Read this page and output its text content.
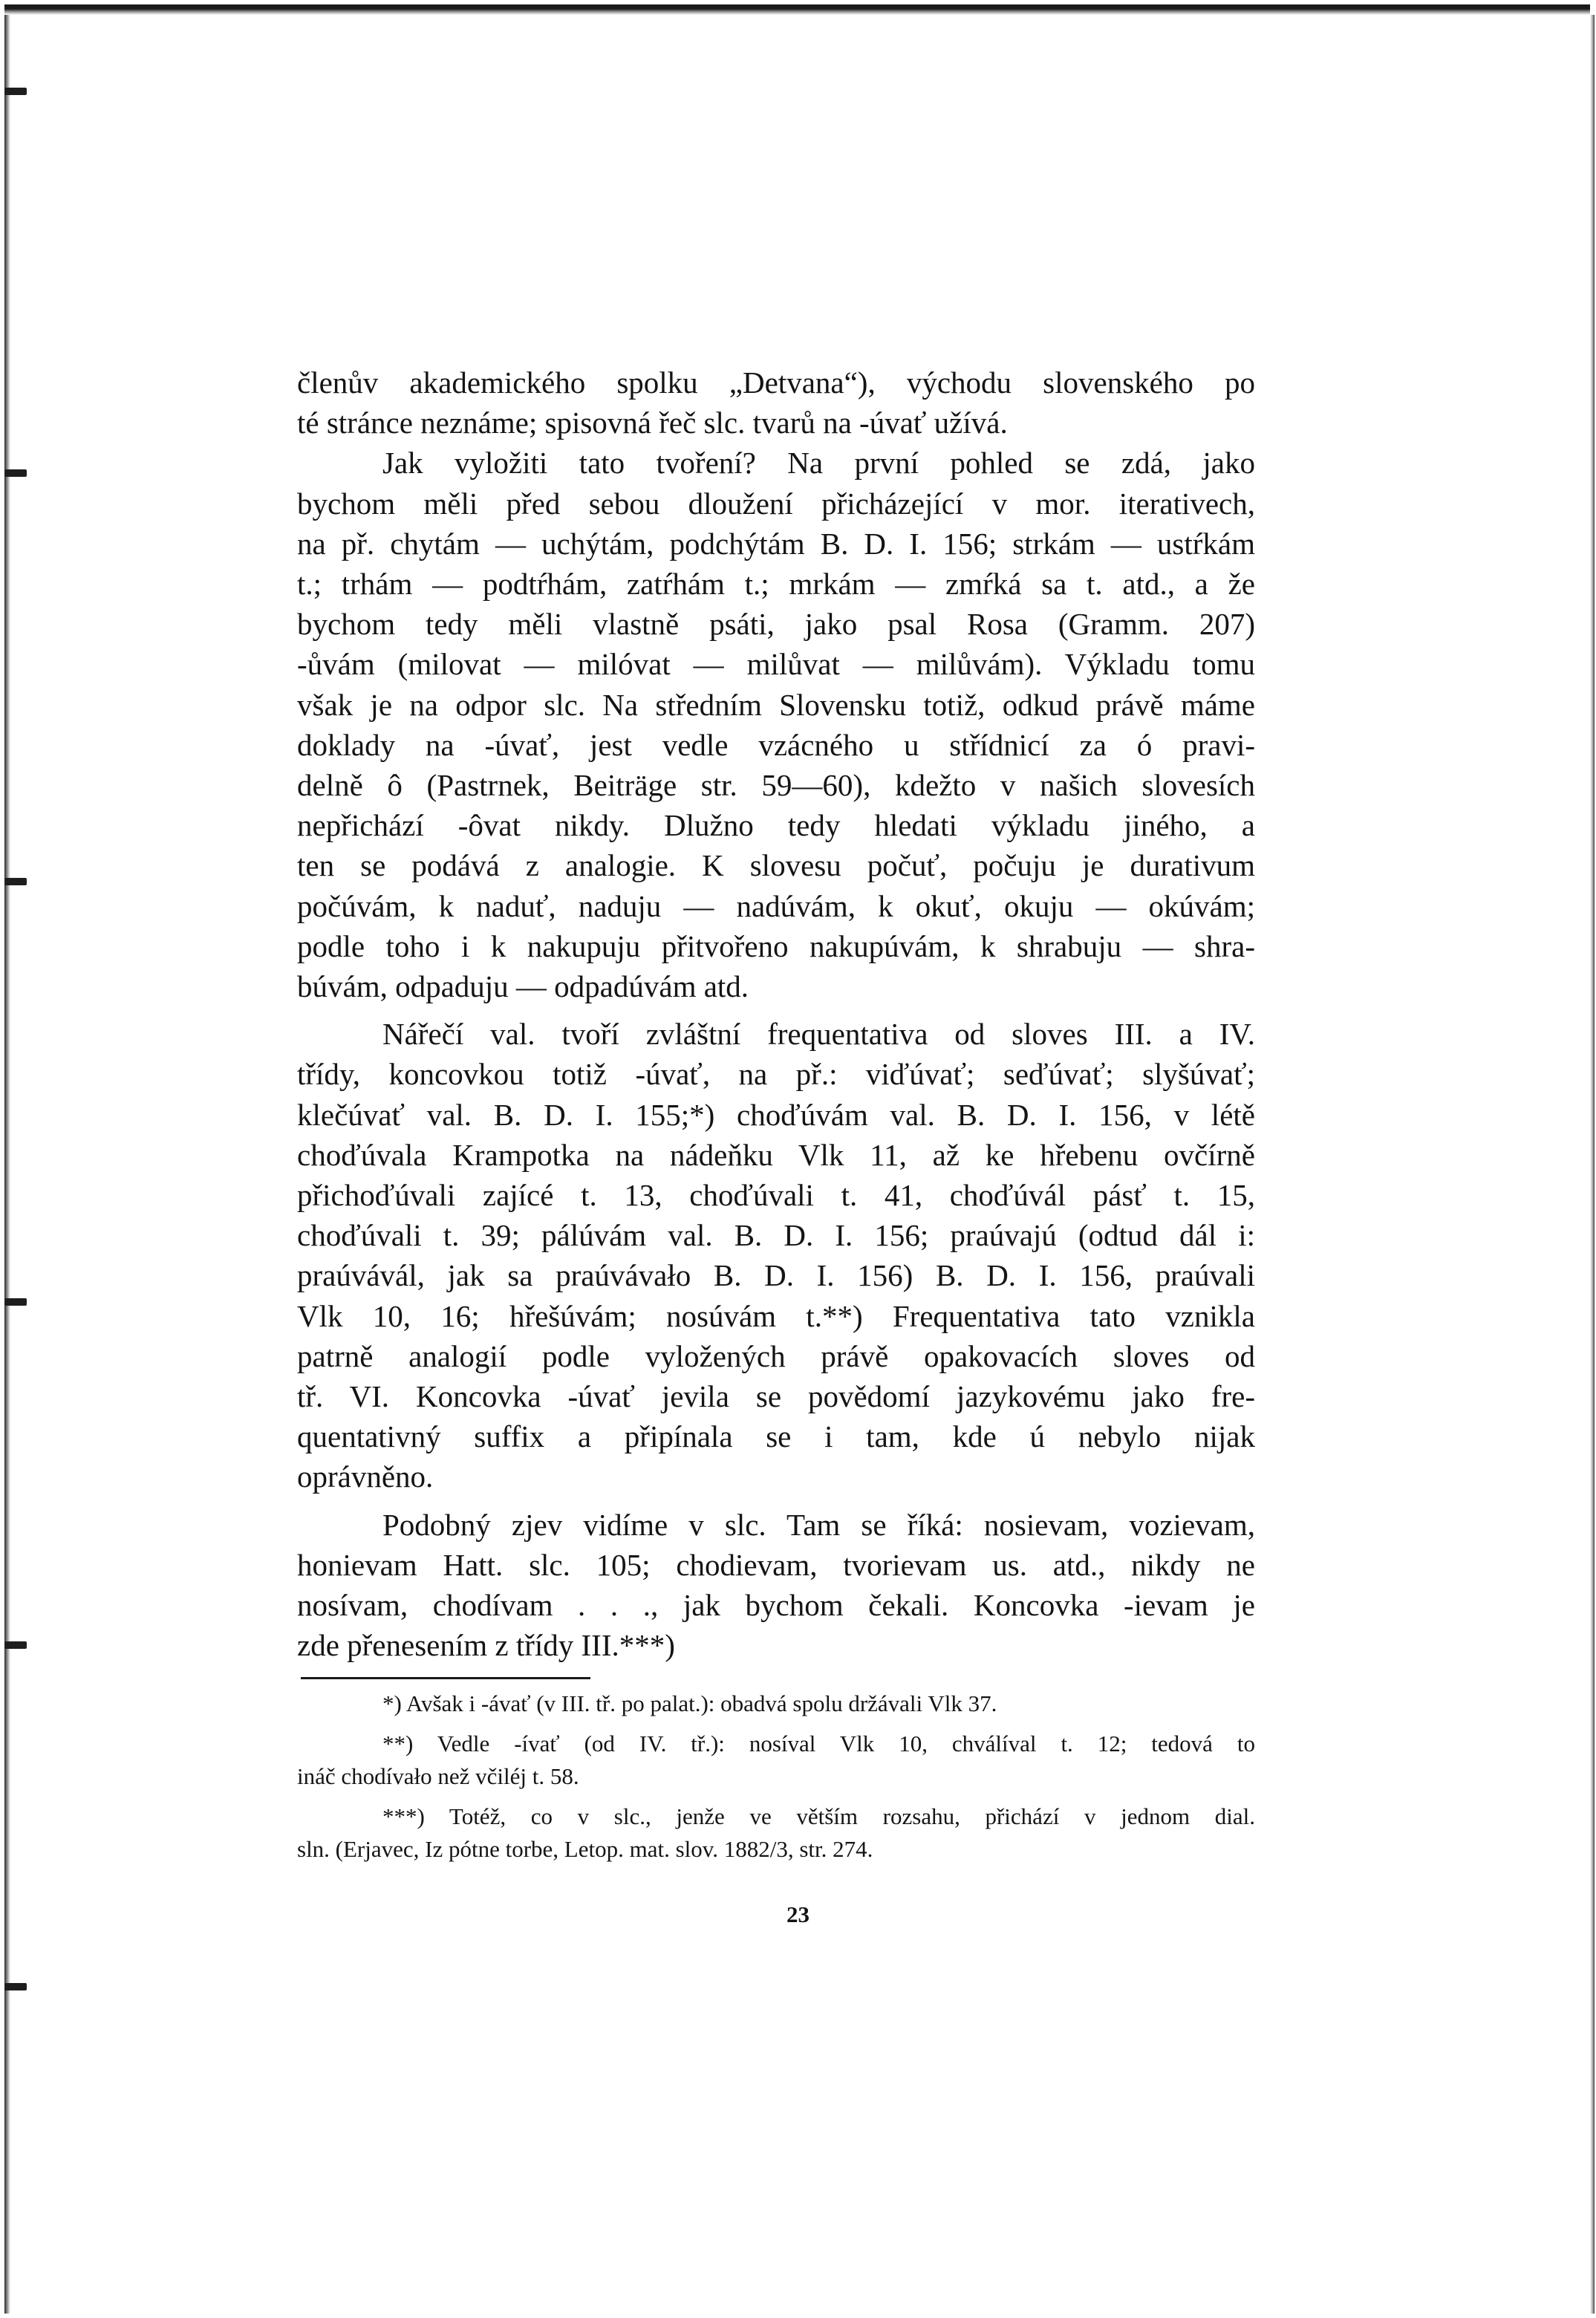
členův akademického spolku „Detvana“), východu slovenského po
té stránce neznáme; spisovná řeč slc. tvarů na -úvať užívá.

Jak vyložiti tato tvoření? Na první pohled se zdá, jako
bychom měli před sebou dloužení přicházející v mor. iterativech,
na př. chytám — uchýtám, podchýtám B. D. I. 156; strkám — ustŕkám
t.; trhám — podtŕhám, zatŕhám t.; mrkám — zmŕká sa t. atd., a že
bychom tedy měli vlastně psáti, jako psal Rosa (Gramm. 207)
-ůvám (milovat — milóvat — milůvat — milůvám). Výkladu tomu
však je na odpor slc. Na středním Slovensku totiž, odkud právě máme
doklady na -úvať, jest vedle vzácného u střídnicí za ó pravi-
delně ô (Pastrnek, Beiträge str. 59—60), kdežto v našich slovesích
nepřichází -ôvat nikdy. Dlužno tedy hledati výkladu jiného, a
ten se podává z analogie. K slovesu počuť, počuju je durativum
počúvám, k naduť, naduju — nadúvám, k okuť, okuju — okúvám;
podle toho i k nakupuju přitvořeno nakupúvám, k shrabuju — shra-
búvám, odpaduju — odpadúvám atd.

Nářečí val. tvoří zvláštní frequentativa od sloves III. a IV.
třídy, koncovkou totiž -úvať, na př.: viďúvať; seďúvať; slyšúvať;
klečúvať val. B. D. I. 155;*) choďúvám val. B. D. I. 156, v létě
choďúvala Krampotka na nádeňku Vlk 11, až ke hřebenu ovčírně
přichoďúvali zajícé t. 13, choďúvali t. 41, choďúvál pásť t. 15,
choďúvali t. 39; pálúvám val. B. D. I. 156; praúvajú (odtud dál i:
praúvávál, jak sa praúvávało B. D. I. 156) B. D. I. 156, praúvali
Vlk 10, 16; hřešúvám; nosúvám t.**) Frequentativa tato vznikla
patrně analogií podle vyložených právě opakovacích sloves od
tř. VI. Koncovka -úvať jevila se povědomí jazykovému jako fre-
quentativný suffix a připínala se i tam, kde ú nebylo nijak
oprávněno.

Podobný zjev vidíme v slc. Tam se říká: nosievam, vozievam,
honievam Hatt. slc. 105; chodievam, tvorievam us. atd., nikdy ne
nosívam, chodívam . . ., jak bychom čekali. Koncovka -ievam je
zde přenesením z třídy III.***)

*) Avšak i -ávať (v III. tř. po palat.): obadvá spolu držávali Vlk 37.
**) Vedle -ívať (od IV. tř.): nosíval Vlk 10, chválíval t. 12; tedová to
ináč chodívało než včiléj t. 58.
***) Totéž, co v slc., jenže ve větším rozsahu, přichází v jednom dial.
sln. (Erjavec, Iz pótne torbe, Letop. mat. slov. 1882/3, str. 274.
23
